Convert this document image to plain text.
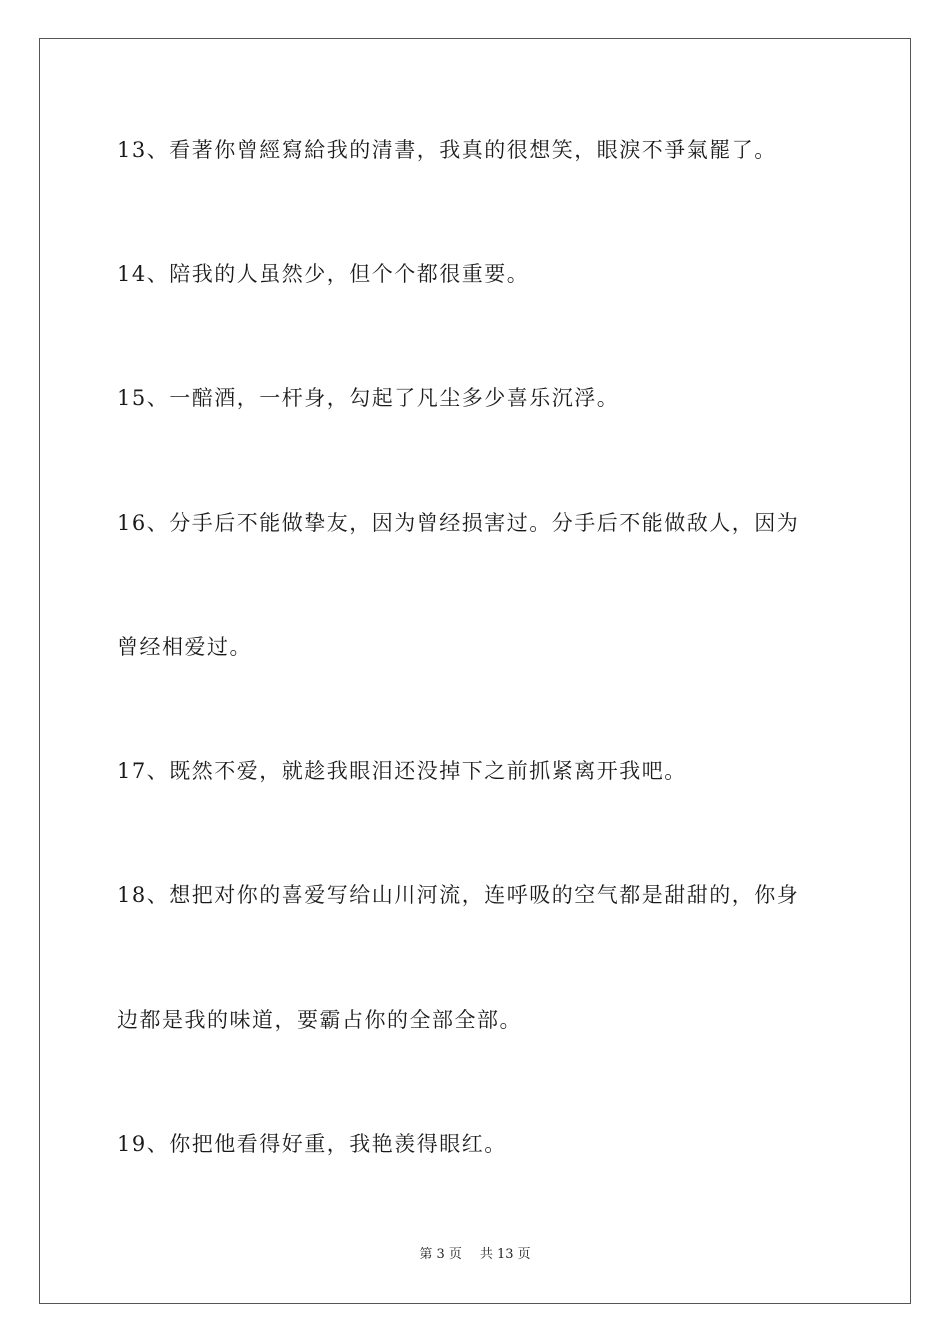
13、看著你曾經寫給我的清書，我真的很想笑，眼淚不爭氣罷了。
14、陪我的人虽然少，但个个都很重要。
15、一醅酒，一杆身，勾起了凡尘多少喜乐沉浮。
16、分手后不能做挚友，因为曾经损害过。分手后不能做敌人，因为
曾经相爱过。
17、既然不爱，就趁我眼泪还没掉下之前抓紧离开我吧。
18、想把对你的喜爱写给山川河流，连呼吸的空气都是甜甜的，你身
边都是我的味道，要霸占你的全部全部。
19、你把他看得好重，我艳羡得眼红。
第 3 页 共 13 页
